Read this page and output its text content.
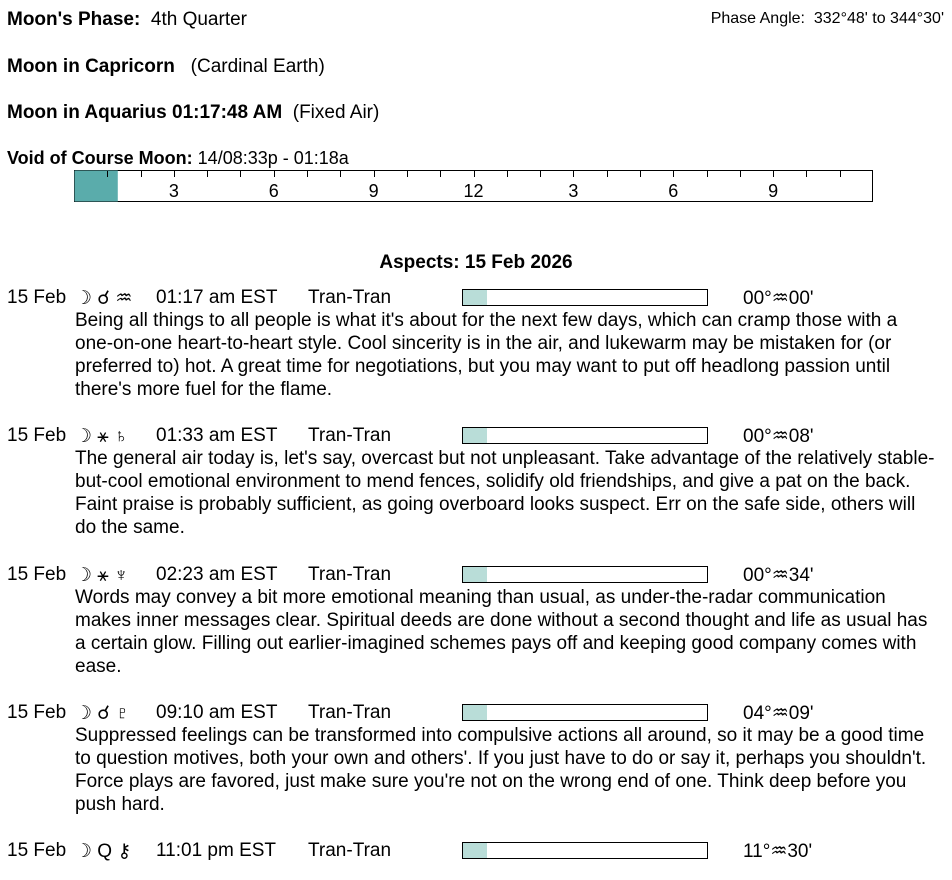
Moon's Phase: 4th Quarter	Phase Angle: 332°48' to 344°30'
Moon in Capricorn (Cardinal Earth)
Moon in Aquarius 01:17:48 AM (Fixed Air)
Void of Course Moon: 14/08:33p - 01:18a
3	6	9	12	3	6	9
Aspects: 15 Feb 2026
15 Feb ☽ ☌ ♒ 01:17 am EST Tran-Tran	00°♒00'

Being all things to all people is what it's about for the next few days, which can cramp those with a one-on-one heart-to-heart style. Cool sincerity is in the air, and lukewarm may be mistaken for (or preferred to) hot. A great time for negotiations, but you may want to put off headlong passion until there's more fuel for the flame.

15 Feb ☽ ⚹ ♄ 01:33 am EST Tran-Tran	00°♒08'

The general air today is, let's say, overcast but not unpleasant. Take advantage of the relatively stable-but-cool emotional environment to mend fences, solidify old friendships, and give a pat on the back. Faint praise is probably sufficient, as going overboard looks suspect. Err on the safe side, others will do the same.

15 Feb ☽ ⚹ ♆ 02:23 am EST Tran-Tran	00°♒34'

Words may convey a bit more emotional meaning than usual, as under-the-radar communication makes inner messages clear. Spiritual deeds are done without a second thought and life as usual has a certain glow. Filling out earlier-imagined schemes pays off and keeping good company comes with ease.

15 Feb ☽ ☌ ♇ 09:10 am EST Tran-Tran	04°♒09'

Suppressed feelings can be transformed into compulsive actions all around, so it may be a good time to question motives, both your own and others'. If you just have to do or say it, perhaps you shouldn't. Force plays are favored, just make sure you're not on the wrong end of one. Think deep before you push hard.

15 Feb ☽ Q ⚷ 11:01 pm EST Tran-Tran	11°♒30'
